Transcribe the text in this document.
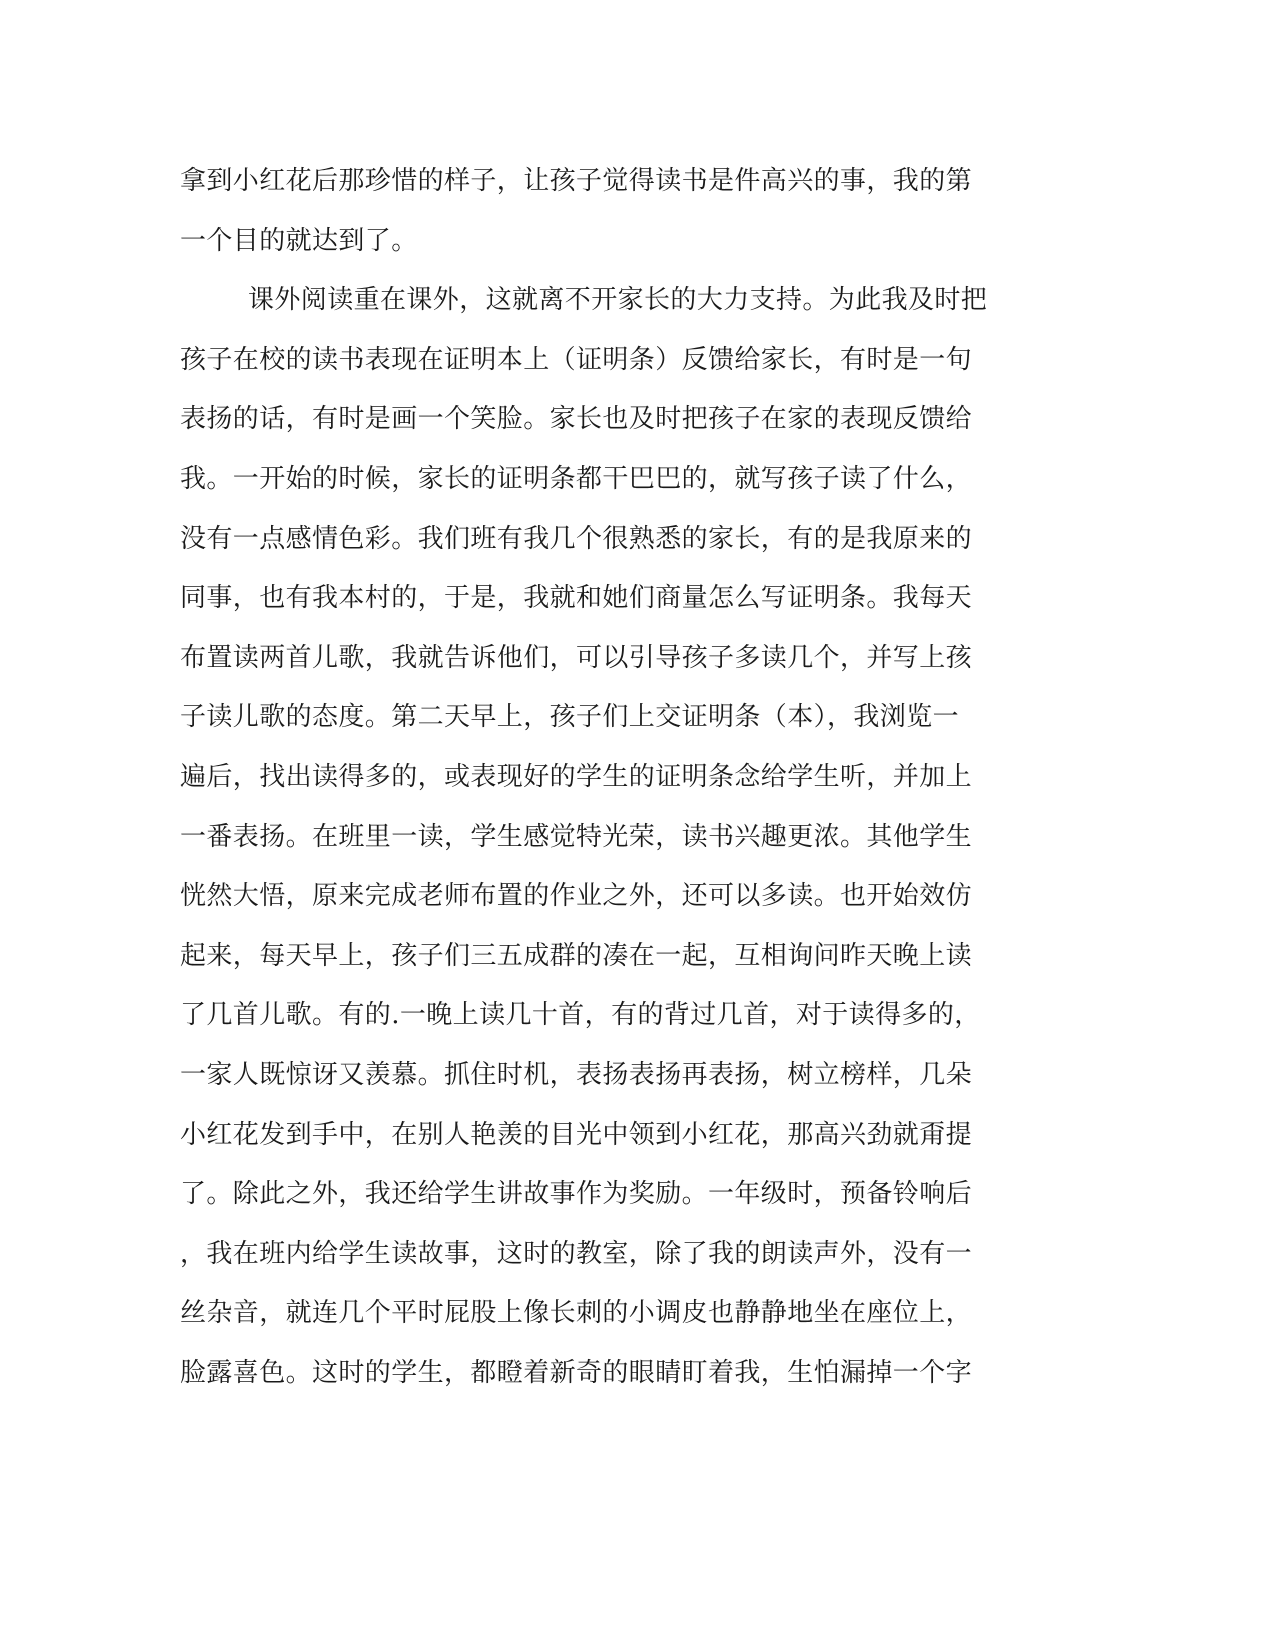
拿到小红花后那珍惜的样子，让孩子觉得读书是件高兴的事，我的第
一个目的就达到了。
课外阅读重在课外，这就离不开家长的大力支持。为此我及时把
孩子在校的读书表现在证明本上（证明条）反馈给家长，有时是一句
表扬的话，有时是画一个笑脸。家长也及时把孩子在家的表现反馈给
我。一开始的时候，家长的证明条都干巴巴的，就写孩子读了什么，
没有一点感情色彩。我们班有我几个很熟悉的家长，有的是我原来的
同事，也有我本村的，于是，我就和她们商量怎么写证明条。我每天
布置读两首儿歌，我就告诉他们，可以引导孩子多读几个，并写上孩
子读儿歌的态度。第二天早上，孩子们上交证明条（本），我浏览一
遍后，找出读得多的，或表现好的学生的证明条念给学生听，并加上
一番表扬。在班里一读，学生感觉特光荣，读书兴趣更浓。其他学生
恍然大悟，原来完成老师布置的作业之外，还可以多读。也开始效仿
起来，每天早上，孩子们三五成群的凑在一起，互相询问昨天晚上读
了几首儿歌。有的.一晚上读几十首，有的背过几首，对于读得多的，
一家人既惊讶又羡慕。抓住时机，表扬表扬再表扬，树立榜样，几朵
小红花发到手中，在别人艳羡的目光中领到小红花，那高兴劲就甭提
了。除此之外，我还给学生讲故事作为奖励。一年级时，预备铃响后
，我在班内给学生读故事，这时的教室，除了我的朗读声外，没有一
丝杂音，就连几个平时屁股上像长刺的小调皮也静静地坐在座位上，
脸露喜色。这时的学生，都瞪着新奇的眼睛盯着我，生怕漏掉一个字
